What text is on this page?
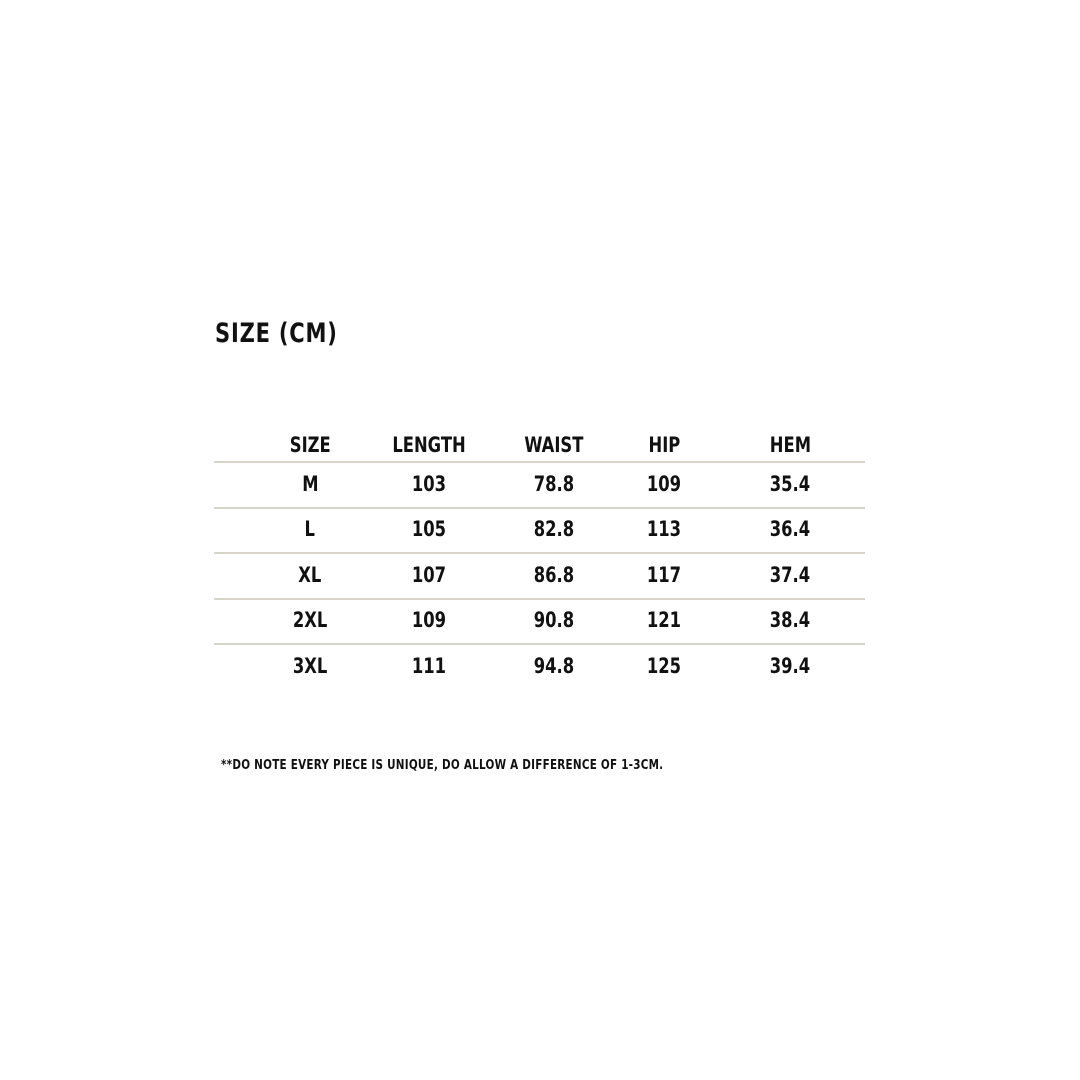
SIZE (CM)
SIZE	LENGTH	WAIST	HIP	HEM
M	103	78.8	109	35.4
L	105	82.8	113	36.4
XL	107	86.8	117	37.4
2XL	109	90.8	121	38.4
3XL	111	94.8	125	39.4
**DO NOTE EVERY PIECE IS UNIQUE, DO ALLOW A DIFFERENCE OF 1-3CM.
